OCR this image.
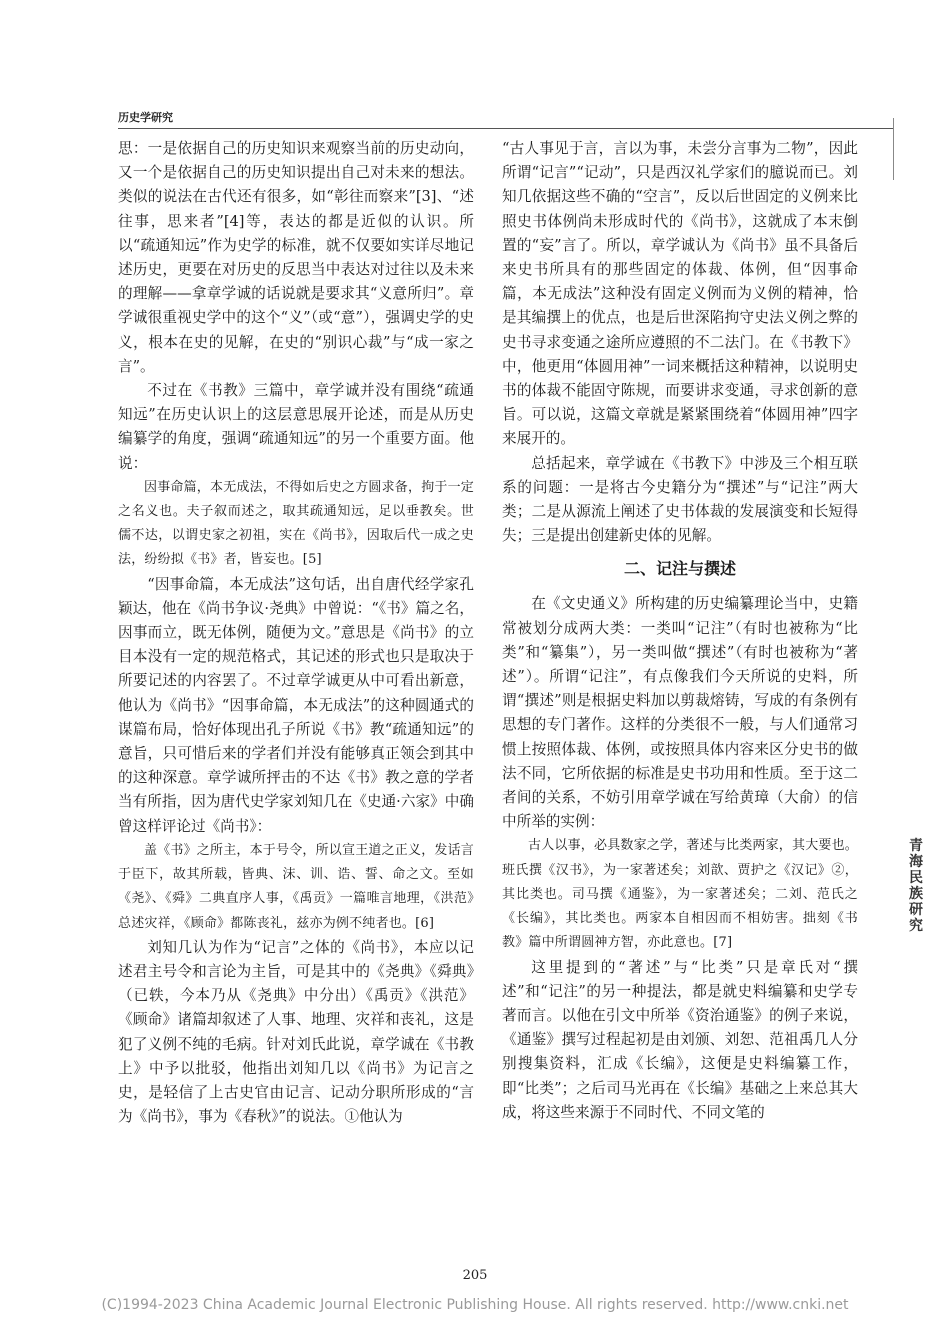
历史学研究

思：一是依据自己的历史知识来观察当前的历史动向，又一个是依据自己的历史知识提出自己对未来的想法。类似的说法在古代还有很多，如“彰往而察来”[3]、“述往事，思来者”[4]等，表达的都是近似的认识。所以“疏通知远”作为史学的标准，就不仅要如实详尽地记述历史，更要在对历史的反思当中表达对过往以及未来的理解——拿章学诚的话说就是要求其“义意所归”。章学诚很重视史学中的这个“义”（或“意”），强调史学的史义，根本在史的见解，在史的“别识心裁”与“成一家之言”。

不过在《书教》三篇中，章学诚并没有围绕“疏通知远”在历史认识上的这层意思展开论述，而是从历史编纂学的角度，强调“疏通知远”的另一个重要方面。他说：

因事命篇，本无成法，不得如后史之方圆求备，拘于一定之名义也。夫子叙而述之，取其疏通知远，足以垂教矣。世儒不达，以谓史家之初祖，实在《尚书》，因取后代一成之史法，纷纷拟《书》者，皆妄也。[5]

“因事命篇，本无成法”这句话，出自唐代经学家孔颖达，他在《尚书争议·尧典》中曾说：“《书》篇之名，因事而立，既无体例，随便为文。”意思是《尚书》的立目本没有一定的规范格式，其记述的形式也只是取决于所要记述的内容罢了。不过章学诚更从中可看出新意，他认为《尚书》“因事命篇，本无成法”的这种圆通式的谋篇布局，恰好体现出孔子所说《书》教“疏通知远”的意旨，只可惜后来的学者们并没有能够真正领会到其中的这种深意。章学诚所抨击的不达《书》教之意的学者当有所指，因为唐代史学家刘知几在《史通·六家》中确曾这样评论过《尚书》：

盖《书》之所主，本于号令，所以宣王道之正义，发话言于臣下，故其所载，皆典、沫、训、诰、誓、命之文。至如《尧》、《舜》二典直序人事，《禹贡》一篇唯言地理，《洪范》总述灾祥，《顾命》都陈丧礼，兹亦为例不纯者也。[6]

刘知几认为作为“记言”之体的《尚书》，本应以记述君主号令和言论为主旨，可是其中的《尧典》《舜典》（已轶，今本乃从《尧典》中分出）《禹贡》《洪范》《顾命》诸篇却叙述了人事、地理、灾祥和丧礼，这是犯了义例不纯的毛病。针对刘氏此说，章学诚在《书教上》中予以批驳，他指出刘知几以《尚书》为记言之史，是轻信了上古史官由记言、记动分职所形成的“言为《尚书》，事为《春秋》”的说法。①他认为

“古人事见于言，言以为事，未尝分言事为二物”，因此所谓“记言”“记动”，只是西汉礼学家们的臆说而已。刘知几依据这些不确的“空言”，反以后世固定的义例来比照史书体例尚未形成时代的《尚书》，这就成了本末倒置的“妄”言了。所以，章学诚认为《尚书》虽不具备后来史书所具有的那些固定的体裁、体例，但“因事命篇，本无成法”这种没有固定义例而为义例的精神，恰是其编撰上的优点，也是后世深陷拘守史法义例之弊的史书寻求变通之途所应遵照的不二法门。在《书教下》中，他更用“体圆用神”一词来概括这种精神，以说明史书的体裁不能固守陈规，而要讲求变通，寻求创新的意旨。可以说，这篇文章就是紧紧围绕着“体圆用神”四字来展开的。

总括起来，章学诚在《书教下》中涉及三个相互联系的问题：一是将古今史籍分为“撰述”与“记注”两大类；二是从源流上阐述了史书体裁的发展演变和长短得失；三是提出创建新史体的见解。

二、记注与撰述

在《文史通义》所构建的历史编纂理论当中，史籍常被划分成两大类：一类叫“记注”（有时也被称为“比类”和“纂集”），另一类叫做“撰述”（有时也被称为“著述”）。所谓“记注”，有点像我们今天所说的史料，所谓“撰述”则是根据史料加以剪裁熔铸，写成的有条例有思想的专门著作。这样的分类很不一般，与人们通常习惯上按照体裁、体例，或按照具体内容来区分史书的做法不同，它所依据的标准是史书功用和性质。至于这二者间的关系，不妨引用章学诚在写给黄璋（大俞）的信中所举的实例：

古人以事，必具数家之学，著述与比类两家，其大要也。班氏撰《汉书》，为一家著述矣；刘歆、贾护之《汉记》②，其比类也。司马撰《通鉴》，为一家著述矣；二刘、范氏之《长编》，其比类也。两家本自相因而不相妨害。拙刻《书教》篇中所谓圆神方智，亦此意也。[7]

这里提到的“著述”与“比类”只是章氏对“撰述”和“记注”的另一种提法，都是就史料编纂和史学专著而言。以他在引文中所举《资治通鉴》的例子来说，《通鉴》撰写过程起初是由刘颁、刘恕、范祖禹几人分别搜集资料，汇成《长编》，这便是史料编纂工作，即“比类”；之后司马光再在《长编》基础之上来总其大成，将这些来源于不同时代、不同文笔的

青海民族研究
205
(C)1994-2023 China Academic Journal Electronic Publishing House. All rights reserved. http://www.cnki.net
